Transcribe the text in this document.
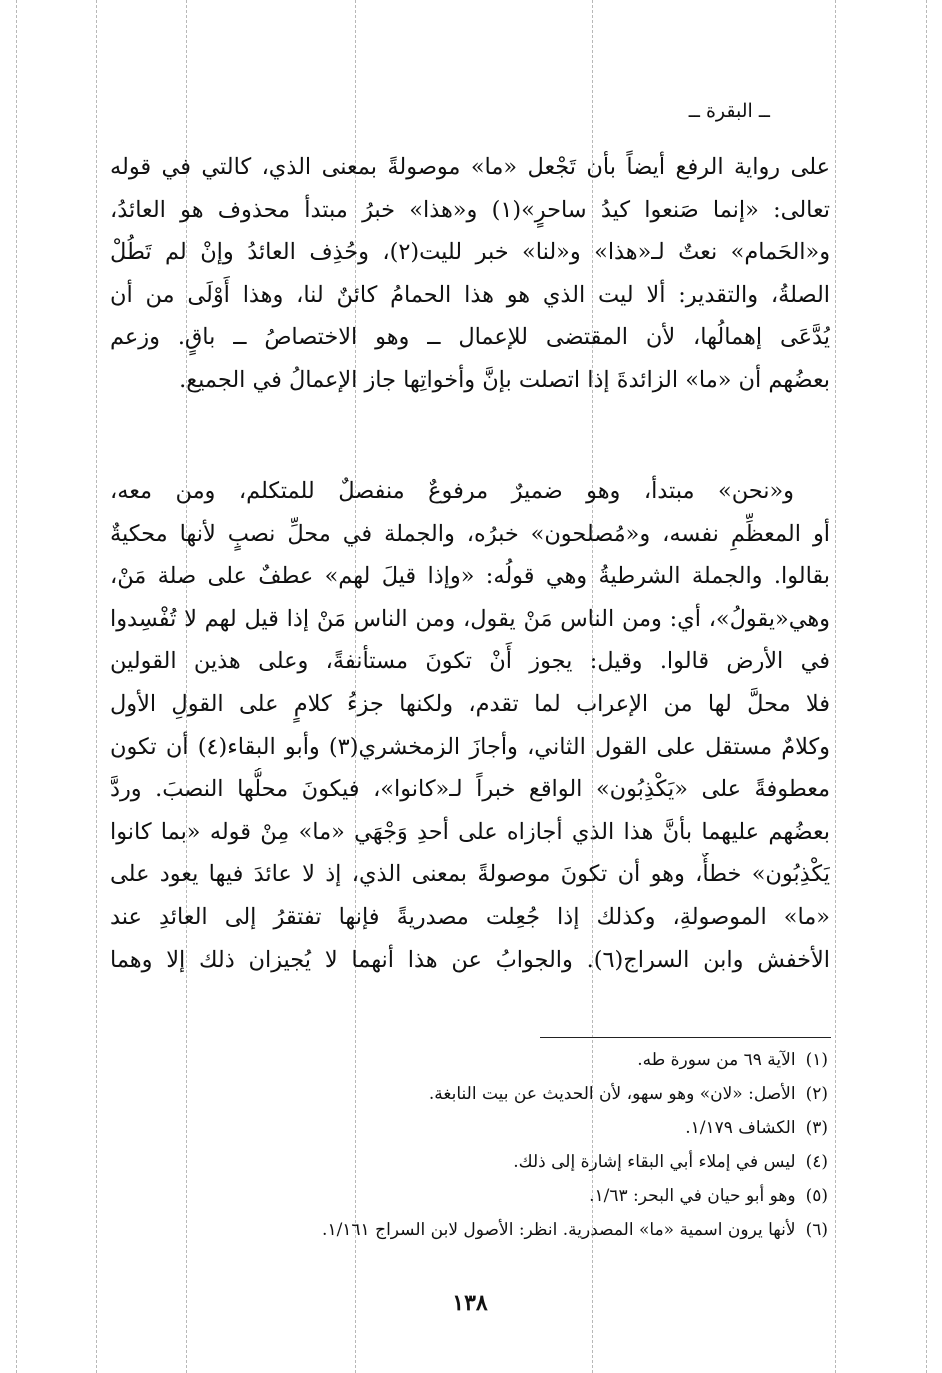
ــ البقرة ــ
على رواية الرفع أيضاً بأن تَجْعل «ما» موصولةً بمعنى الذي، كالتي في قوله
تعالى: «إنما صَنعوا كيدُ ساحرٍ»(١) و«هذا» خبرُ مبتدأ محذوف هو العائدُ،
و«الحَمام» نعتٌ لـ«هذا» و«لنا» خبر لليت(٢)، وحُذِف العائدُ وإنْ لم تَطُلْ
الصلةُ، والتقدير: ألا ليت الذي هو هذا الحمامُ كائنٌ لنا، وهذا أَوْلَى من أن
يُدَّعَى إهمالُها، لأن المقتضى للإعمال ــ وهو الاختصاصُ ــ باقٍ. وزعم
بعضُهم أن «ما» الزائدةَ إذا اتصلت بإنَّ وأخواتِها جاز الإعمالُ في الجميع.
و«نحن» مبتدأ، وهو ضميرٌ مرفوعٌ منفصلٌ للمتكلم، ومن معه،
أو المعظِّمِ نفسه، و«مُصلحون» خبرُه، والجملة في محلِّ نصبٍ لأنها محكيةٌ
بقالوا. والجملة الشرطيةُ وهي قولُه: «وإذا قيلَ لهم» عطفٌ على صلة مَنْ،
وهي«يقولُ»، أي: ومن الناس مَنْ يقول، ومن الناس مَنْ إذا قيل لهم لا تُفْسِدوا
في الأرض قالوا. وقيل: يجوز أَنْ تكونَ مستأنفةً، وعلى هذين القولين
فلا محلَّ لها من الإعراب لما تقدم، ولكنها جزءُ كلامٍ على القولِ الأول
وكلامٌ مستقل على القول الثاني، وأجازَ الزمخشري(٣) وأبو البقاء(٤) أن تكون
معطوفةً على «يَكْذِبُون» الواقع خبراً لـ«كانوا»، فيكونَ محلُّها النصبَ. وردَّ
بعضُهم عليهما بأنَّ هذا الذي أجازاه على أحدِ وَجْهَي «ما» مِنْ قوله «بما كانوا
يَكْذِبُون» خطأٌ، وهو أن تكونَ موصولةً بمعنى الذي، إذ لا عائدَ فيها يعود على
«ما» الموصولةِ، وكذلك إذا جُعِلت مصدريةً فإنها تفتقرُ إلى العائدِ عند
الأخفش وابن السراج(٦). والجوابُ عن هذا أنهما لا يُجيزان ذلك إلا وهما
(١)الآية ٦٩ من سورة طه.
(٢)الأصل: «لان» وهو سهو، لأن الحديث عن بيت النابغة.
(٣)الكشاف ١/١٧٩.
(٤)ليس في إملاء أبي البقاء إشارة إلى ذلك.
(٥)وهو أبو حيان في البحر: ١/٦٣.
(٦)لأنها يرون اسمية «ما» المصدرية. انظر: الأصول لابن السراج ١/١٦١.
١٣٨
